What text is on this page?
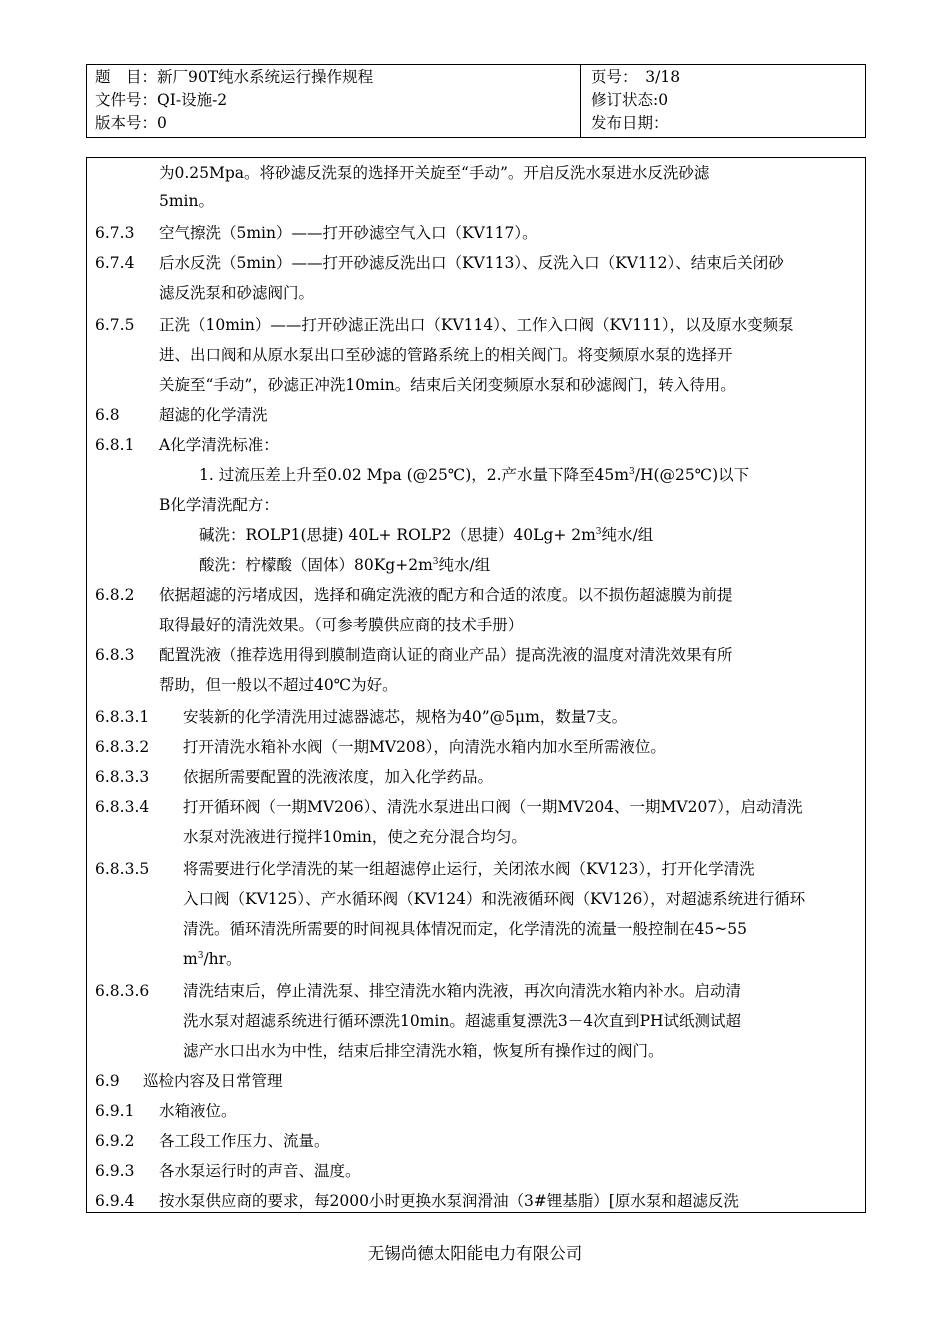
题　目：新厂90T纯水系统运行操作规程
文件号：QI-设施-2
版本号：0
页号：　3/18
修订状态:0
发布日期：
为0.25Mpa。将砂滤反洗泵的选择开关旋至“手动”。开启反洗水泵进水反洗砂滤
5min。
6.7.3 空气擦洗（5min）——打开砂滤空气入口（KV117）。
6.7.4 后水反洗（5min）——打开砂滤反洗出口（KV113）、反洗入口（KV112）、结束后关闭砂
滤反洗泵和砂滤阀门。
6.7.5 正洗（10min）——打开砂滤正洗出口（KV114）、工作入口阀（KV111），以及原水变频泵
进、出口阀和从原水泵出口至砂滤的管路系统上的相关阀门。将变频原水泵的选择开
关旋至“手动”，砂滤正冲洗10min。结束后关闭变频原水泵和砂滤阀门，转入待用。
6.8	超滤的化学清洗
6.8.1 A化学清洗标准：
1. 过流压差上升至0.02 Mpa (@25℃)，2.产水量下降至$45m^3/H(@25℃)$以下
B化学清洗配方：
碱洗：ROLP1(思捷) 40L+ ROLP2（思捷）$40Lg+ 2m^3$纯水/组
酸洗：柠檬酸（固体）$80Kg+2m^3$纯水/组
6.8.2 依据超滤的污堵成因，选择和确定洗液的配方和合适的浓度。以不损伤超滤膜为前提
取得最好的清洗效果。（可参考膜供应商的技术手册）
6.8.3 配置洗液（推荐选用得到膜制造商认证的商业产品）提高洗液的温度对清洗效果有所
帮助，但一般以不超过40℃为好。
6.8.3.1 安装新的化学清洗用过滤器滤芯，规格为40”@5μm，数量7支。
6.8.3.2 打开清洗水箱补水阀（一期MV208），向清洗水箱内加水至所需液位。
6.8.3.3 依据所需要配置的洗液浓度，加入化学药品。
6.8.3.4 打开循环阀（一期MV206）、清洗水泵进出口阀（一期MV204、一期MV207），启动清洗
水泵对洗液进行搅拌10min，使之充分混合均匀。
6.8.3.5 将需要进行化学清洗的某一组超滤停止运行，关闭浓水阀（KV123），打开化学清洗
入口阀（KV125）、产水循环阀（KV124）和洗液循环阀（KV126），对超滤系统进行循环
清洗。循环清洗所需要的时间视具体情况而定，化学清洗的流量一般控制在45~55
$m^3/hr$。
6.8.3.6 清洗结束后，停止清洗泵、排空清洗水箱内洗液，再次向清洗水箱内补水。启动清
洗水泵对超滤系统进行循环漂洗10min。超滤重复漂洗3－4次直到PH试纸测试超
滤产水口出水为中性，结束后排空清洗水箱，恢复所有操作过的阀门。
6.9 巡检内容及日常管理
6.9.1 水箱液位。
6.9.2 各工段工作压力、流量。
6.9.3 各水泵运行时的声音、温度。
6.9.4 按水泵供应商的要求，每2000小时更换水泵润滑油（3#锂基脂）[原水泵和超滤反洗
无锡尚德太阳能电力有限公司
